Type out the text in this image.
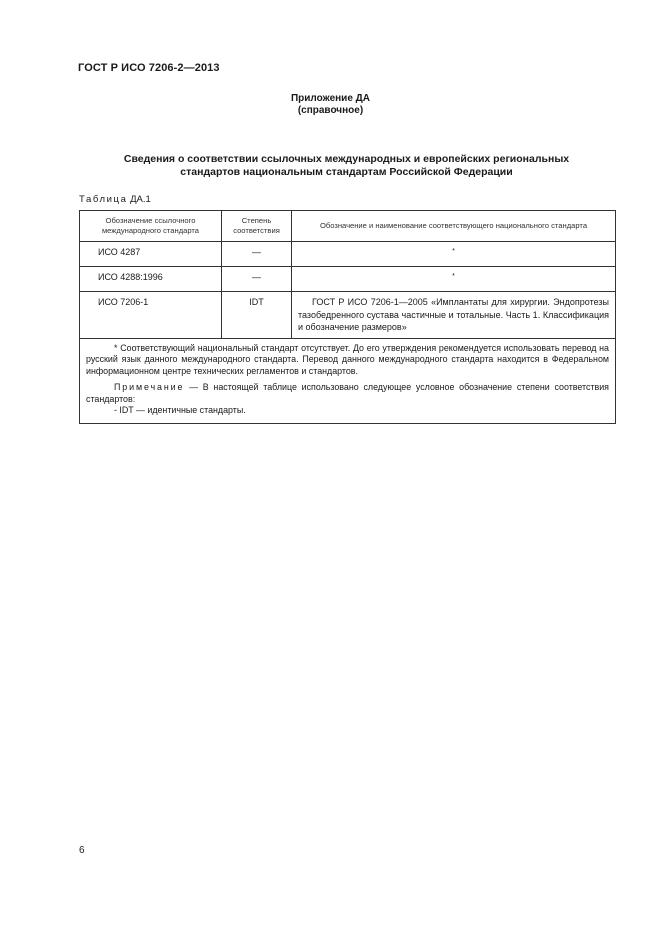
ГОСТ Р ИСО 7206-2—2013
Приложение ДА
(справочное)
Сведения о соответствии ссылочных международных и европейских региональных
стандартов национальным стандартам Российской Федерации
Таблица ДА.1
Обозначение ссылочного международного стандарта	Степень соответствия	Обозначение и наименование соответствующего национального стандарта
ИСО 4287	—	*
ИСО 4288:1996	—	*
ИСО 7206-1	IDT	ГОСТ Р ИСО 7206-1—2005 «Имплантаты для хирургии. Эндопротезы тазобедренного сустава частичные и тотальные. Часть 1. Классификация и обозначение размеров»

* Соответствующий национальный стандарт отсутствует. До его утверждения рекомендуется использовать перевод на русский язык данного международного стандарта. Перевод данного международного стандарта находится в Федеральном информационном центре технических регламентов и стандартов.

Примечание — В настоящей таблице использовано следующее условное обозначение степени соответствия стандартов:

- IDT — идентичные стандарты.		

6
